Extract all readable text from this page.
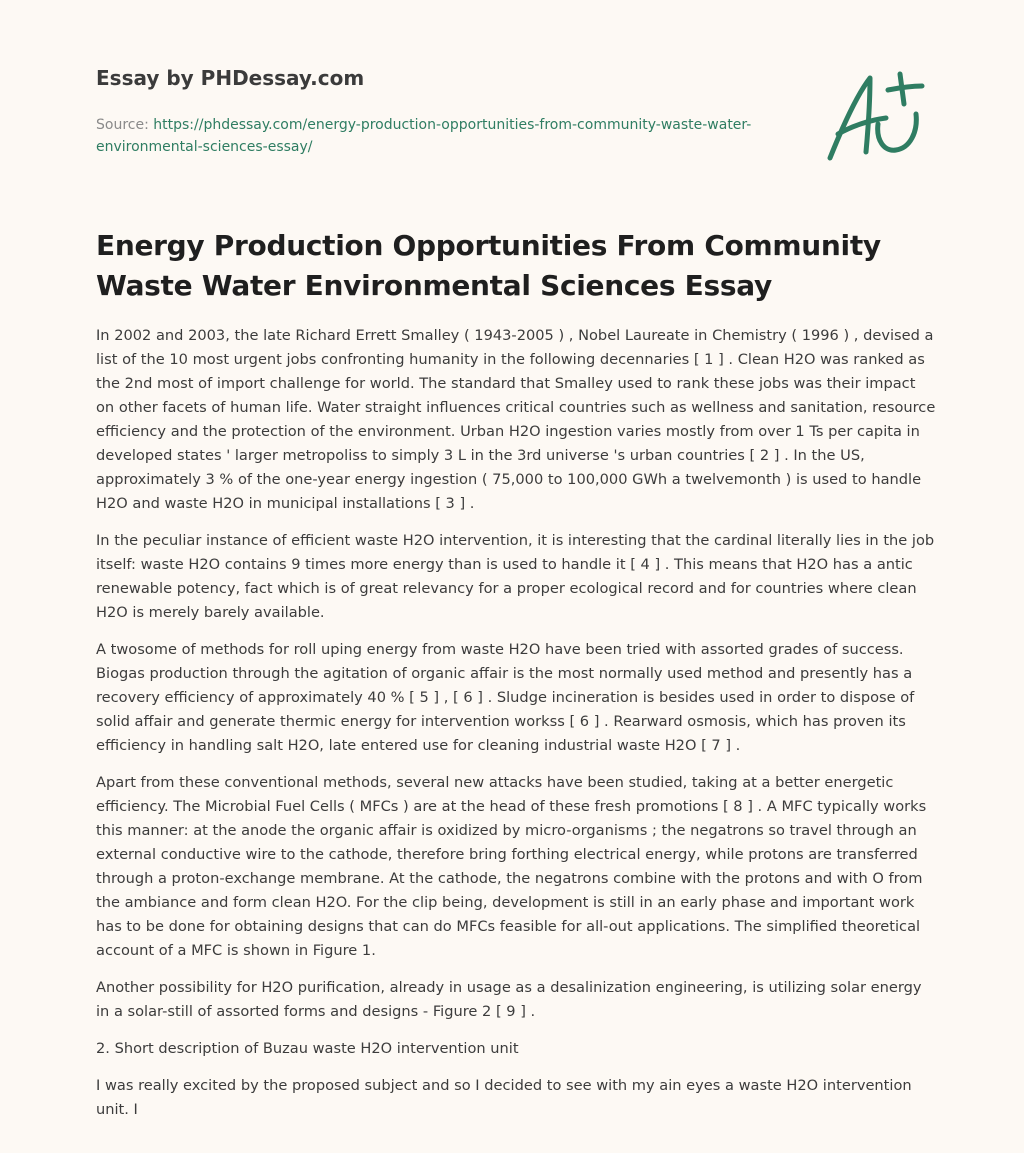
Essay by PHDessay.com
Source: https://phdessay.com/energy-production-opportunities-from-community-waste-water-environmental-sciences-essay/
Energy Production Opportunities From Community Waste Water Environmental Sciences Essay

In 2002 and 2003, the late Richard Errett Smalley ( 1943-2005 ) , Nobel Laureate in Chemistry ( 1996 ) , devised a list of the 10 most urgent jobs confronting humanity in the following decennaries [ 1 ] . Clean H2O was ranked as the 2nd most of import challenge for world. The standard that Smalley used to rank these jobs was their impact on other facets of human life. Water straight influences critical countries such as wellness and sanitation, resource efficiency and the protection of the environment. Urban H2O ingestion varies mostly from over 1 Ts per capita in developed states ' larger metropoliss to simply 3 L in the 3rd universe 's urban countries [ 2 ] . In the US, approximately 3 % of the one-year energy ingestion ( 75,000 to 100,000 GWh a twelvemonth ) is used to handle H2O and waste H2O in municipal installations [ 3 ] .

In the peculiar instance of efficient waste H2O intervention, it is interesting that the cardinal literally lies in the job itself: waste H2O contains 9 times more energy than is used to handle it [ 4 ] . This means that H2O has a antic renewable potency, fact which is of great relevancy for a proper ecological record and for countries where clean H2O is merely barely available.

A twosome of methods for roll uping energy from waste H2O have been tried with assorted grades of success. Biogas production through the agitation of organic affair is the most normally used method and presently has a recovery efficiency of approximately 40 % [ 5 ] , [ 6 ] . Sludge incineration is besides used in order to dispose of solid affair and generate thermic energy for intervention workss [ 6 ] . Rearward osmosis, which has proven its efficiency in handling salt H2O, late entered use for cleaning industrial waste H2O [ 7 ] .

Apart from these conventional methods, several new attacks have been studied, taking at a better energetic efficiency. The Microbial Fuel Cells ( MFCs ) are at the head of these fresh promotions [ 8 ] . A MFC typically works this manner: at the anode the organic affair is oxidized by micro-organisms ; the negatrons so travel through an external conductive wire to the cathode, therefore bring forthing electrical energy, while protons are transferred through a proton-exchange membrane. At the cathode, the negatrons combine with the protons and with O from the ambiance and form clean H2O. For the clip being, development is still in an early phase and important work has to be done for obtaining designs that can do MFCs feasible for all-out applications. The simplified theoretical account of a MFC is shown in Figure 1.

Another possibility for H2O purification, already in usage as a desalinization engineering, is utilizing solar energy in a solar-still of assorted forms and designs - Figure 2 [ 9 ] .

2. Short description of Buzau waste H2O intervention unit

I was really excited by the proposed subject and so I decided to see with my ain eyes a waste H2O intervention unit. I
